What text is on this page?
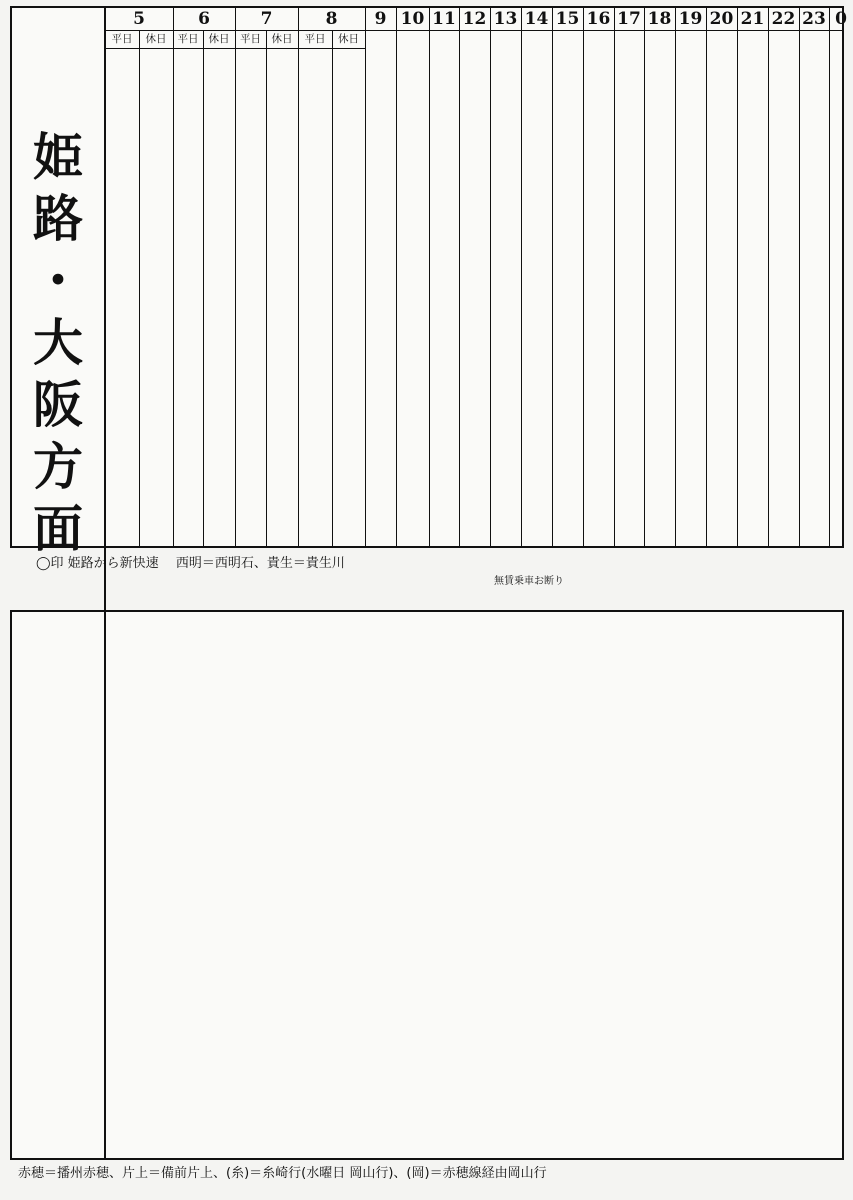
姫
路
・
大
阪
方
面
5	6	7	8	9 10 11 12 13 14 15 16 17 18 19 20 21 22 23 0
平日	休日	平日 休日	平日	休日	平日	休日
◯印 姫路から新快速　 西明＝西明石、貴生＝貴生川
無賃乗車お断り
赤穂＝播州赤穂、片上＝備前片上、(糸)＝糸崎行(水曜日 岡山行)、(岡)＝赤穂線経由岡山行
